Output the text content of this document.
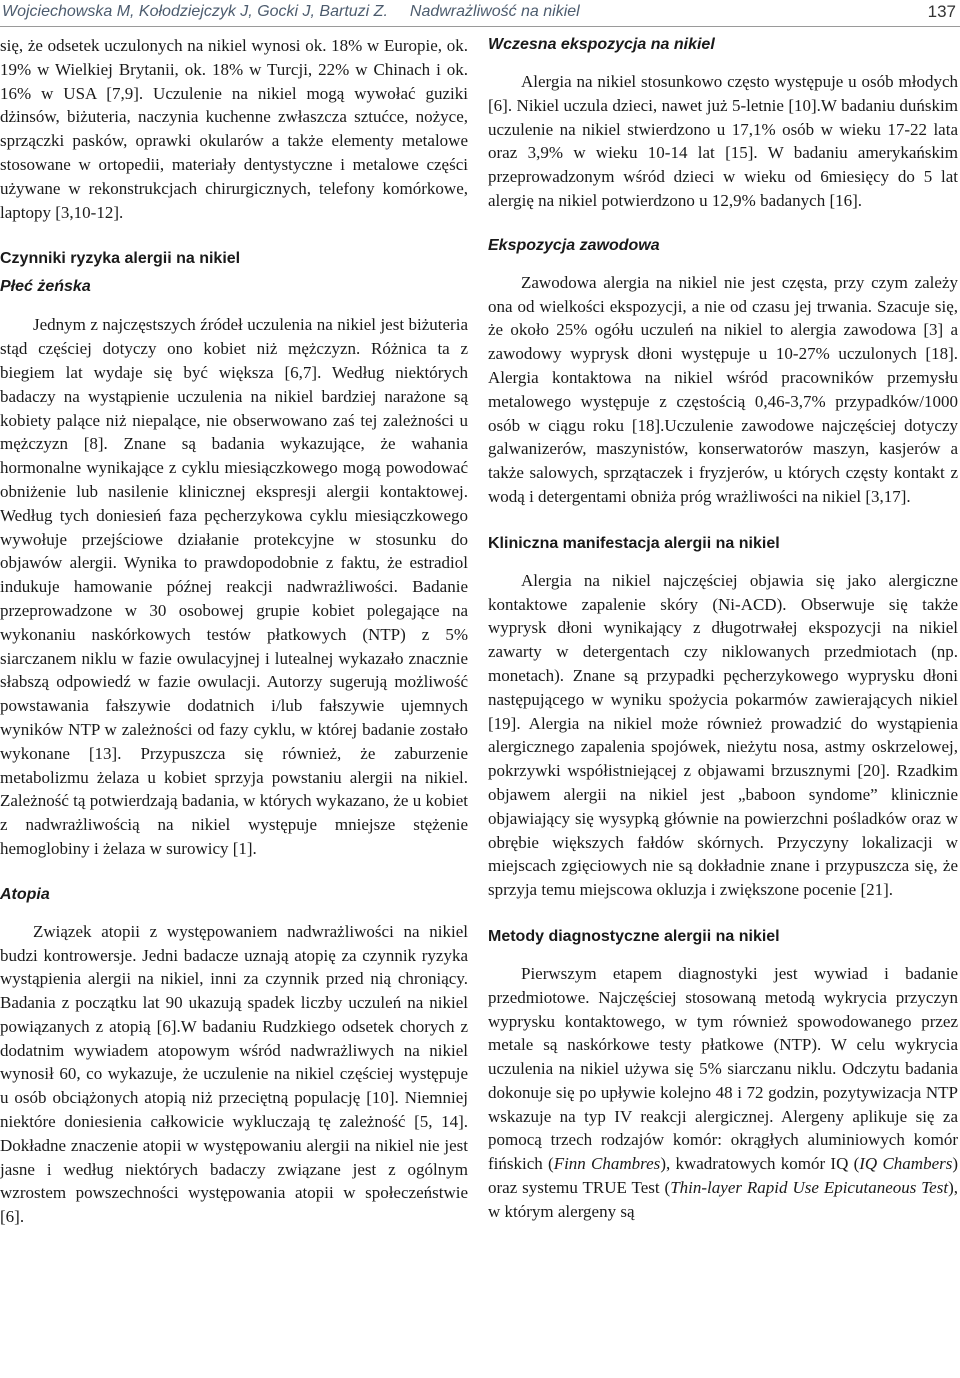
Wojciechowska M, Kołodziejczyk J, Gocki J, Bartuzi Z. Nadwrażliwość na nikiel	137

się, że odsetek uczulonych na nikiel wynosi ok. 18% w Europie, ok. 19% w Wielkiej Brytanii, ok. 18% w Turcji, 22% w Chinach i ok. 16% w USA [7,9]. Uczulenie na nikiel mogą wywołać guziki dżinsów, biżuteria, naczynia kuchenne zwłaszcza sztućce, nożyce, sprzączki pasków, oprawki okularów a także elementy metalowe stosowane w ortopedii, materiały dentystyczne i metalowe części używane w rekonstrukcjach chirurgicznych, telefony komórkowe, laptopy [3,10-12].

Czynniki ryzyka alergii na nikiel
Płeć żeńska

Jednym z najczęstszych źródeł uczulenia na nikiel jest biżuteria stąd częściej dotyczy ono kobiet niż mężczyzn. Różnica ta z biegiem lat wydaje się być większa [6,7]. Według niektórych badaczy na wystąpienie uczulenia na nikiel bardziej narażone są kobiety palące niż niepalące, nie obserwowano zaś tej zależności u mężczyzn [8]. Znane są badania wykazujące, że wahania hormonalne wynikające z cyklu miesiączkowego mogą powodować obniżenie lub nasilenie klinicznej ekspresji alergii kontaktowej. Według tych doniesień faza pęcherzykowa cyklu miesiączkowego wywołuje przejściowe działanie protekcyjne w stosunku do objawów alergii. Wynika to prawdopodobnie z faktu, że estradiol indukuje hamowanie późnej reakcji nadwrażliwości. Badanie przeprowadzone w 30 osobowej grupie kobiet polegające na wykonaniu naskórkowych testów płatkowych (NTP) z 5% siarczanem niklu w fazie owulacyjnej i lutealnej wykazało znacznie słabszą odpowiedź w fazie owulacji. Autorzy sugerują możliwość powstawania fałszywie dodatnich i/lub fałszywie ujemnych wyników NTP w zależności od fazy cyklu, w której badanie zostało wykonane [13]. Przypuszcza się również, że zaburzenie metabolizmu żelaza u kobiet sprzyja powstaniu alergii na nikiel. Zależność tą potwierdzają badania, w których wykazano, że u kobiet z nadwrażliwością na nikiel występuje mniejsze stężenie hemoglobiny i żelaza w surowicy [1].

Atopia

Związek atopii z występowaniem nadwrażliwości na nikiel budzi kontrowersje. Jedni badacze uznają atopię za czynnik ryzyka wystąpienia alergii na nikiel, inni za czynnik przed nią chroniący. Badania z początku lat 90 ukazują spadek liczby uczuleń na nikiel powiązanych z atopią [6].W badaniu Rudzkiego odsetek chorych z dodatnim wywiadem atopowym wśród nadwrażliwych na nikiel wynosił 60, co wykazuje, że uczulenie na nikiel częściej występuje u osób obciążonych atopią niż przeciętną populację [10]. Niemniej niektóre doniesienia całkowicie wykluczają tę zależność [5, 14]. Dokładne znaczenie atopii w występowaniu alergii na nikiel nie jest jasne i według niektórych badaczy związane jest z ogólnym wzrostem powszechności występowania atopii w społeczeństwie [6].

Wczesna ekspozycja na nikiel

Alergia na nikiel stosunkowo często występuje u osób młodych [6]. Nikiel uczula dzieci, nawet już 5-letnie [10].W badaniu duńskim uczulenie na nikiel stwierdzono u 17,1% osób w wieku 17-22 lata oraz 3,9% w wieku 10-14 lat [15]. W badaniu amerykańskim przeprowadzonym wśród dzieci w wieku od 6miesięcy do 5 lat alergię na nikiel potwierdzono u 12,9% badanych [16].

Ekspozycja zawodowa

Zawodowa alergia na nikiel nie jest częsta, przy czym zależy ona od wielkości ekspozycji, a nie od czasu jej trwania. Szacuje się, że około 25% ogółu uczuleń na nikiel to alergia zawodowa [3] a zawodowy wyprysk dłoni występuje u 10-27% uczulonych [18]. Alergia kontaktowa na nikiel wśród pracowników przemysłu metalowego występuje z częstością 0,46-3,7% przypadków/1000 osób w ciągu roku [18].Uczulenie zawodowe najczęściej dotyczy galwanizerów, maszynistów, konserwatorów maszyn, kasjerów a także salowych, sprzątaczek i fryzjerów, u których częsty kontakt z wodą i detergentami obniża próg wrażliwości na nikiel [3,17].

Kliniczna manifestacja alergii na nikiel

Alergia na nikiel najczęściej objawia się jako alergiczne kontaktowe zapalenie skóry (Ni-ACD). Obserwuje się także wyprysk dłoni wynikający z długotrwałej ekspozycji na nikiel zawarty w detergentach czy niklowanych przedmiotach (np. monetach). Znane są przypadki pęcherzykowego wyprysku dłoni następującego w wyniku spożycia pokarmów zawierających nikiel [19]. Alergia na nikiel może również prowadzić do wystąpienia alergicznego zapalenia spojówek, nieżytu nosa, astmy oskrzelowej, pokrzywki współistniejącej z objawami brzusznymi [20]. Rzadkim objawem alergii na nikiel jest „baboon syndome” klinicznie objawiający się wysypką głównie na powierzchni pośladków oraz w obrębie większych fałdów skórnych. Przyczyny lokalizacji w miejscach zgięciowych nie są dokładnie znane i przypuszcza się, że sprzyja temu miejscowa okluzja i zwiększone pocenie [21].

Metody diagnostyczne alergii na nikiel

Pierwszym etapem diagnostyki jest wywiad i badanie przedmiotowe. Najczęściej stosowaną metodą wykrycia przyczyn wyprysku kontaktowego, w tym również spowodowanego przez metale są naskórkowe testy płatkowe (NTP). W celu wykrycia uczulenia na nikiel używa się 5% siarczanu niklu. Odczytu badania dokonuje się po upływie kolejno 48 i 72 godzin, pozytywizacja NTP wskazuje na typ IV reakcji alergicznej. Alergeny aplikuje się za pomocą trzech rodzajów komór: okrągłych aluminiowych komór fińskich (Finn Chambres), kwadratowych komór IQ (IQ Chambers) oraz systemu TRUE Test (Thin-layer Rapid Use Epicutaneous Test), w którym alergeny są
